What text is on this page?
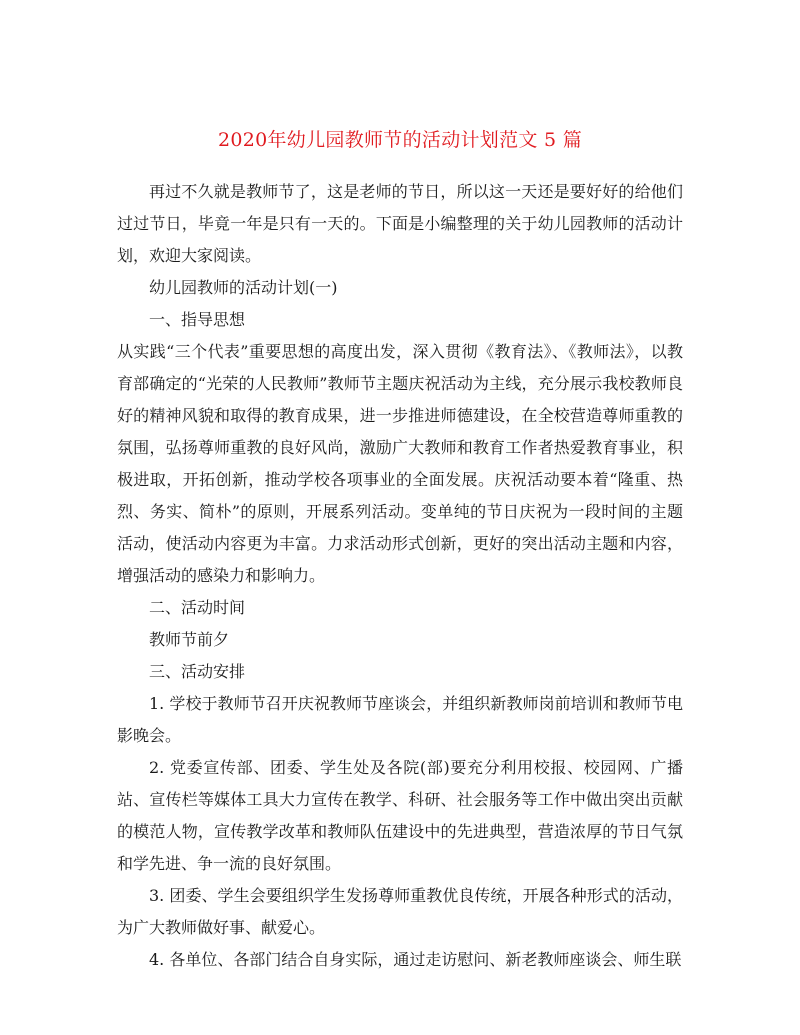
2020年幼儿园教师节的活动计划范文 5 篇

再过不久就是教师节了，这是老师的节日，所以这一天还是要好好的给他们过过节日，毕竟一年是只有一天的。下面是小编整理的关于幼儿园教师的活动计划，欢迎大家阅读。

幼儿园教师的活动计划(一)

一、指导思想

从实践“三个代表”重要思想的高度出发，深入贯彻《教育法》、《教师法》，以教育部确定的“光荣的人民教师”教师节主题庆祝活动为主线，充分展示我校教师良好的精神风貌和取得的教育成果，进一步推进师德建设，在全校营造尊师重教的氛围，弘扬尊师重教的良好风尚，激励广大教师和教育工作者热爱教育事业，积极进取，开拓创新，推动学校各项事业的全面发展。庆祝活动要本着“隆重、热烈、务实、简朴”的原则，开展系列活动。变单纯的节日庆祝为一段时间的主题活动，使活动内容更为丰富。力求活动形式创新，更好的突出活动主题和内容，增强活动的感染力和影响力。

二、活动时间

教师节前夕

三、活动安排

1. 学校于教师节召开庆祝教师节座谈会，并组织新教师岗前培训和教师节电影晚会。

2. 党委宣传部、团委、学生处及各院(部)要充分利用校报、校园网、广播站、宣传栏等媒体工具大力宣传在教学、科研、社会服务等工作中做出突出贡献的模范人物，宣传教学改革和教师队伍建设中的先进典型，营造浓厚的节日气氛和学先进、争一流的良好氛围。

3. 团委、学生会要组织学生发扬尊师重教优良传统，开展各种形式的活动，为广大教师做好事、献爱心。

4. 各单位、各部门结合自身实际，通过走访慰问、新老教师座谈会、师生联
